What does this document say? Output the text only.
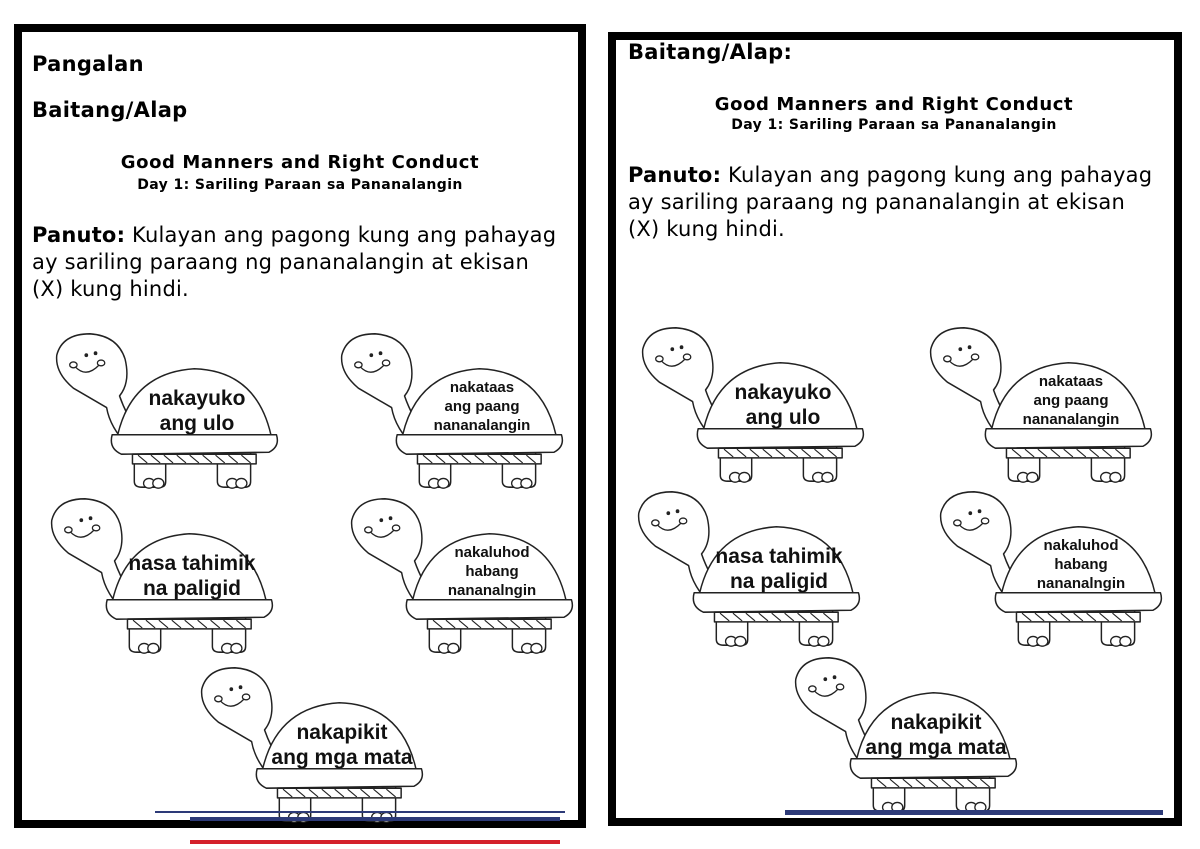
Pangalan
Baitang/Alap
Good Manners and Right Conduct
Day 1: Sariling Paraan sa Pananalangin
Panuto: Kulayan ang pagong kung ang pahayag ay sariling paraang ng pananalangin at ekisan (X) kung hindi.
nakayuko
ang ulo
nakataas
ang paang
nananalangin
nasa tahimik
na paligid
nakaluhod
habang
nananalngin
nakapikit
ang mga mata
Baitang/Alap:
Good Manners and Right Conduct
Day 1: Sariling Paraan sa Pananalangin
Panuto: Kulayan ang pagong kung ang pahayag ay sariling paraang ng pananalangin at ekisan (X) kung hindi.
nakayuko
ang ulo
nakataas
ang paang
nananalangin
nasa tahimik
na paligid
nakaluhod
habang
nananalngin
nakapikit
ang mga mata
